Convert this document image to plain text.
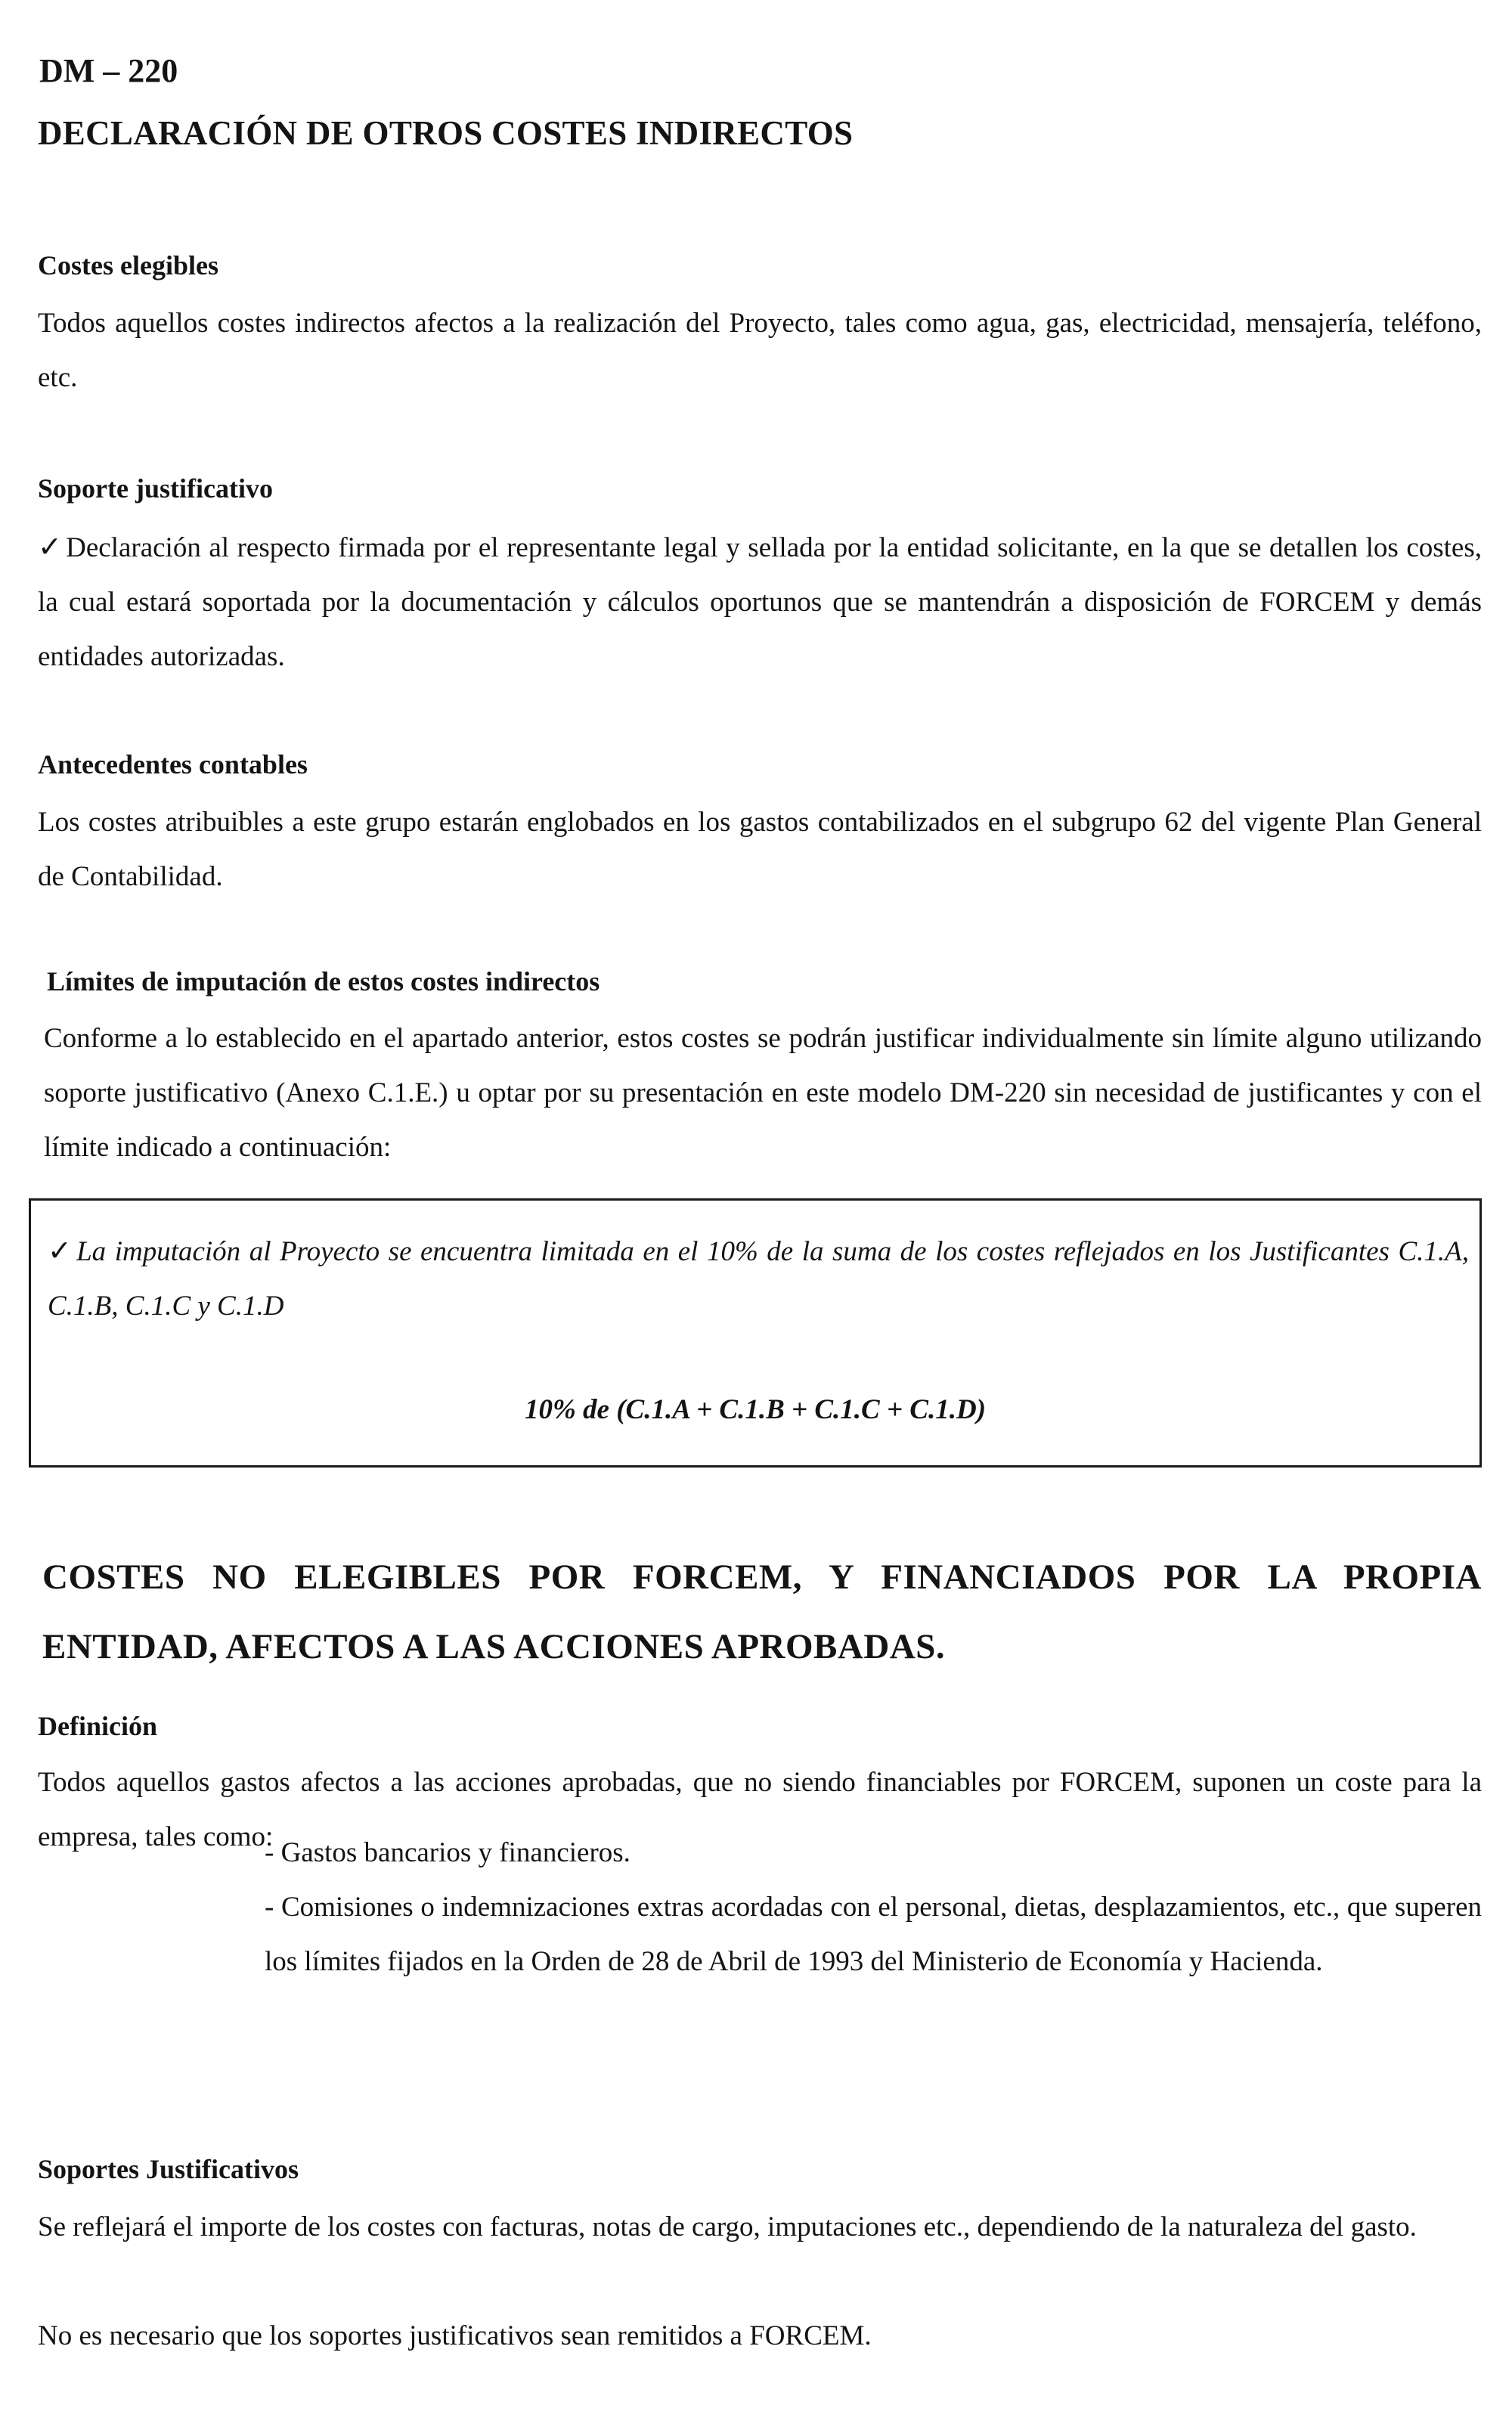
DM – 220
DECLARACIÓN DE OTROS COSTES INDIRECTOS
Costes elegibles

Todos aquellos costes indirectos afectos a la realización del Proyecto, tales como agua, gas, electricidad, mensajería, teléfono, etc.

Soporte justificativo

✓ Declaración al respecto firmada por el representante legal y sellada por la entidad solicitante, en la que se detallen los costes, la cual estará soportada por la documentación y cálculos oportunos que se mantendrán a disposición de FORCEM y demás entidades autorizadas.

Antecedentes contables

Los costes atribuibles a este grupo estarán englobados en los gastos contabilizados en el subgrupo 62 del vigente Plan General de Contabilidad.

Límites de imputación de estos costes indirectos

Conforme a lo establecido en el apartado anterior, estos costes se podrán justificar individualmente sin límite alguno utilizando soporte justificativo (Anexo C.1.E.) u optar por su presentación en este modelo DM-220 sin necesidad de justificantes y con el límite indicado a continuación:

✓ La imputación al Proyecto se encuentra limitada en el 10% de la suma de los costes reflejados en los Justificantes C.1.A, C.1.B, C.1.C y C.1.D

10% de (C.1.A + C.1.B + C.1.C + C.1.D)

COSTES NO ELEGIBLES POR FORCEM, Y FINANCIADOS POR LA PROPIA ENTIDAD, AFECTOS A LAS ACCIONES APROBADAS.
Definición

Todos aquellos gastos afectos a las acciones aprobadas, que no siendo financiables por FORCEM, suponen un coste para la empresa, tales como:

- Gastos bancarios y financieros.
- Comisiones o indemnizaciones extras acordadas con el personal, dietas, desplazamientos, etc., que superen los límites fijados en la Orden de 28 de Abril de 1993 del Ministerio de Economía y Hacienda.
Soportes Justificativos

Se reflejará el importe de los costes con facturas, notas de cargo, imputaciones etc., dependiendo de la naturaleza del gasto.

No es necesario que los soportes justificativos sean remitidos a FORCEM.
